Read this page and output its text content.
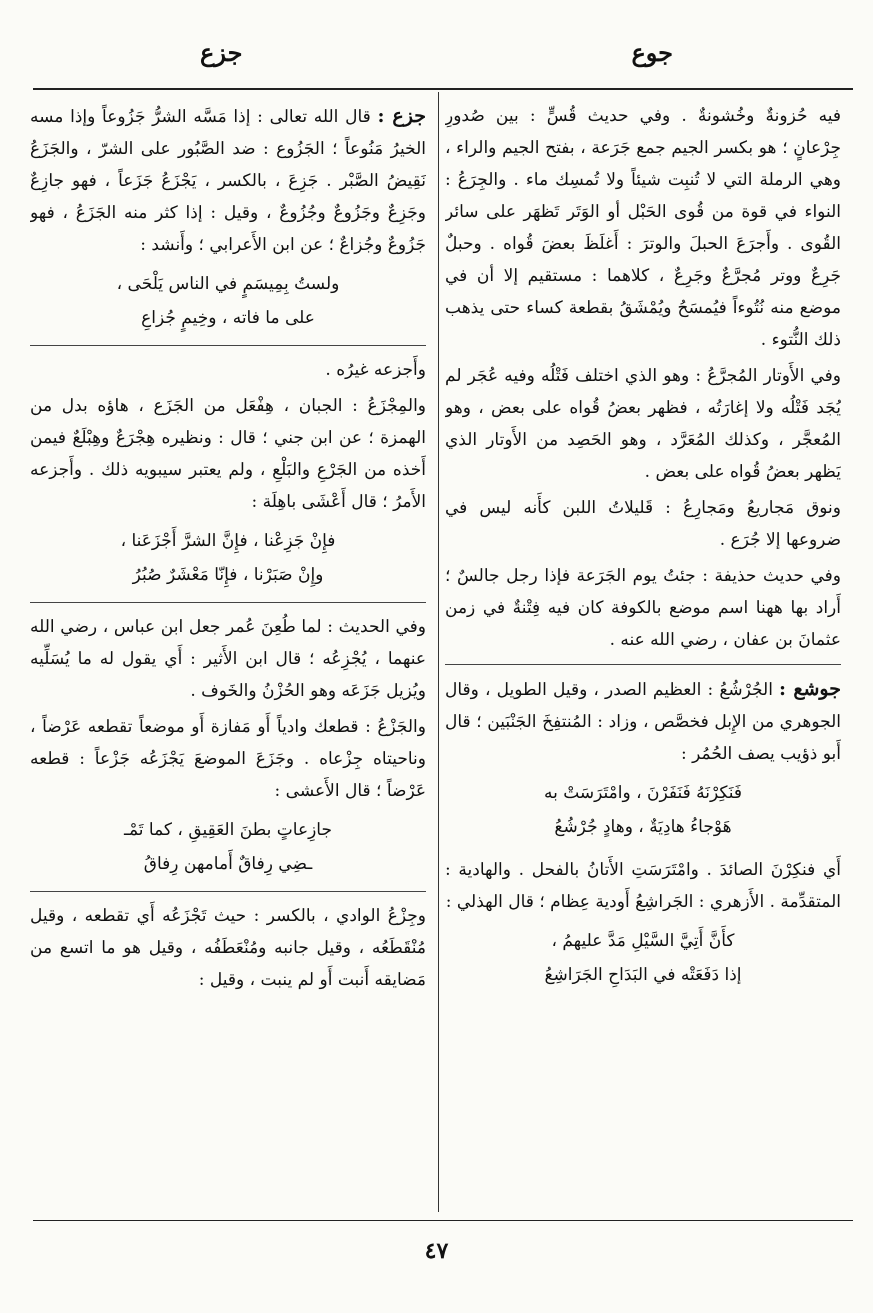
جوع
جزع

فيه حُزونةٌ وخُشونةٌ . وفي حديث قُسٍّ : بين صُدورِ جِرْعانٍ ؛ هو بكسر الجيم جمع جَرَعة ، بفتح الجيم والراء ، وهي الرملة التي لا تُنبِت شيئاً ولا تُمسِك ماء . والجِرَعُ : النواء في قوة من قُوى الحَبْل أو الوَتَر تَظهَر على سائر القُوى . وأَجرَعَ الحبلَ والوترَ : أَغلَظَ بعضَ قُواه . وحبلٌ جَرِعٌ ووتر مُجرَّعٌ وجَرِعٌ ، كلاهما : مستقيم إلا أن في موضع منه نُتُوءاً فيُمسَحُ ويُمْشَقُ بقطعة كساء حتى يذهب ذلك النُّتوء .

وفي الأَوتار المُجرَّعُ : وهو الذي اختلف فَتْلُه وفيه عُجَر لم يُجَد فَتْلُه ولا إغارَتُه ، فظهر بعضُ قُواه على بعض ، وهو المُعجَّر ، وكذلك المُعَرَّد ، وهو الحَصِد من الأَوتار الذي يَظهر بعضُ قُواه على بعض .

ونوق مَجاريعُ ومَجارِعُ : قَليلاتُ اللبن كأَنه ليس في ضروعها إلا جُرَع .

وفي حديث حذيفة : جئتُ يوم الجَرَعة فإذا رجل جالسٌ ؛ أَراد بها ههنا اسم موضع بالكوفة كان فيه فِتْنةٌ في زمن عثمانَ بن عفان ، رضي الله عنه .

جوشع : الجُرْشُعُ : العظيم الصدر ، وقيل الطويل ، وقال الجوهري من الإِبل فخصَّص ، وزاد : المُنتفِخَ الجَنْبَين ؛ قال أَبو ذؤيب يصف الحُمُر :

فَنَكِرْنَهُ فَنَفَرْنَ ، وامْتَرَسَتْ به
هَوْجاءُ هادِيَةٌ ، وهادٍ جُرْشُعُ

أَي فنكِرْنَ الصائدَ . وامْتَرَسَتِ الأَتانُ بالفحل . والهادية : المتقدِّمة . الأَزهري : الجَراشِعُ أَودية عِظام ؛ قال الهذلي :

كأَنَّ أَتِيَّ السَّيْلِ مَدَّ عليهمُ ،
إذا دَفَعَتْه في البَدَاحِ الجَرَاشِعُ

جزع : قال الله تعالى : إذا مَسَّه الشرُّ جَزُوعاً وإذا مسه الخيرُ مَنُوعاً ؛ الجَزُوع : ضد الصَّبُور على الشرّ ، والجَزَعُ نَقِيضُ الصَّبْر . جَزِعَ ، بالكسر ، يَجْزَعُ جَزَعاً ، فهو جازِعٌ وجَزِعٌ وجَزُوعٌ وجُزُوعٌ ، وقيل : إذا كثر منه الجَزَعُ ، فهو جَزُوعٌ وجُزاعٌ ؛ عن ابن الأَعرابي ؛ وأَنشد :

ولستُ بِمِيسَمٍ في الناس يَلْحَى ،
على ما فاته ، وخِيمٍ جُزاعِ

وأَجزعه غيرُه .

والمِجْزَعُ : الجبان ، هِفْعَل من الجَزَع ، هاؤه بدل من الهمزة ؛ عن ابن جني ؛ قال : ونظيره هِجْرَعٌ وهِبْلَعٌ فيمن أَخذه من الجَرْعِ والبَلْعِ ، ولم يعتبر سيبويه ذلك . وأَجزعه الأَمرُ ؛ قال أَعْشَى باهِلَة :

فإِنْ جَزِعْنا ، فإِنَّ الشرَّ أَجْزَعَنا ،
وإِنْ صَبَرْنا ، فإِنّا مَعْشَرٌ صُبُرُ

وفي الحديث : لما طُعِنَ عُمر جعل ابن عباس ، رضي الله عنهما ، يُجْزِعُه ؛ قال ابن الأَثير : أَي يقول له ما يُسَلِّيه ويُزيل جَزَعَه وهو الحُزْنُ والخَوف .

والجَزْعُ : قطعك وادياً أَو مَفازة أَو موضعاً تقطعه عَرْضاً ، وناحيتاه جِزْعاه . وجَزَعَ الموضعَ يَجْزَعُه جَزْعاً : قطعه عَرْضاً ؛ قال الأَعشى :

جازِعاتٍ بطنَ العَقِيقِ ، كما تَمْـ
ـضِي رِفاقٌ أَمامهن رِفاقُ

وجِزْعُ الوادي ، بالكسر : حيث تَجْزَعُه أَي تقطعه ، وقيل مُنْقَطَعُه ، وقيل جانبه ومُنْعَطَفُه ، وقيل هو ما اتسع من مَضايقه أَنبت أَو لم ينبت ، وقيل :

٤٧
